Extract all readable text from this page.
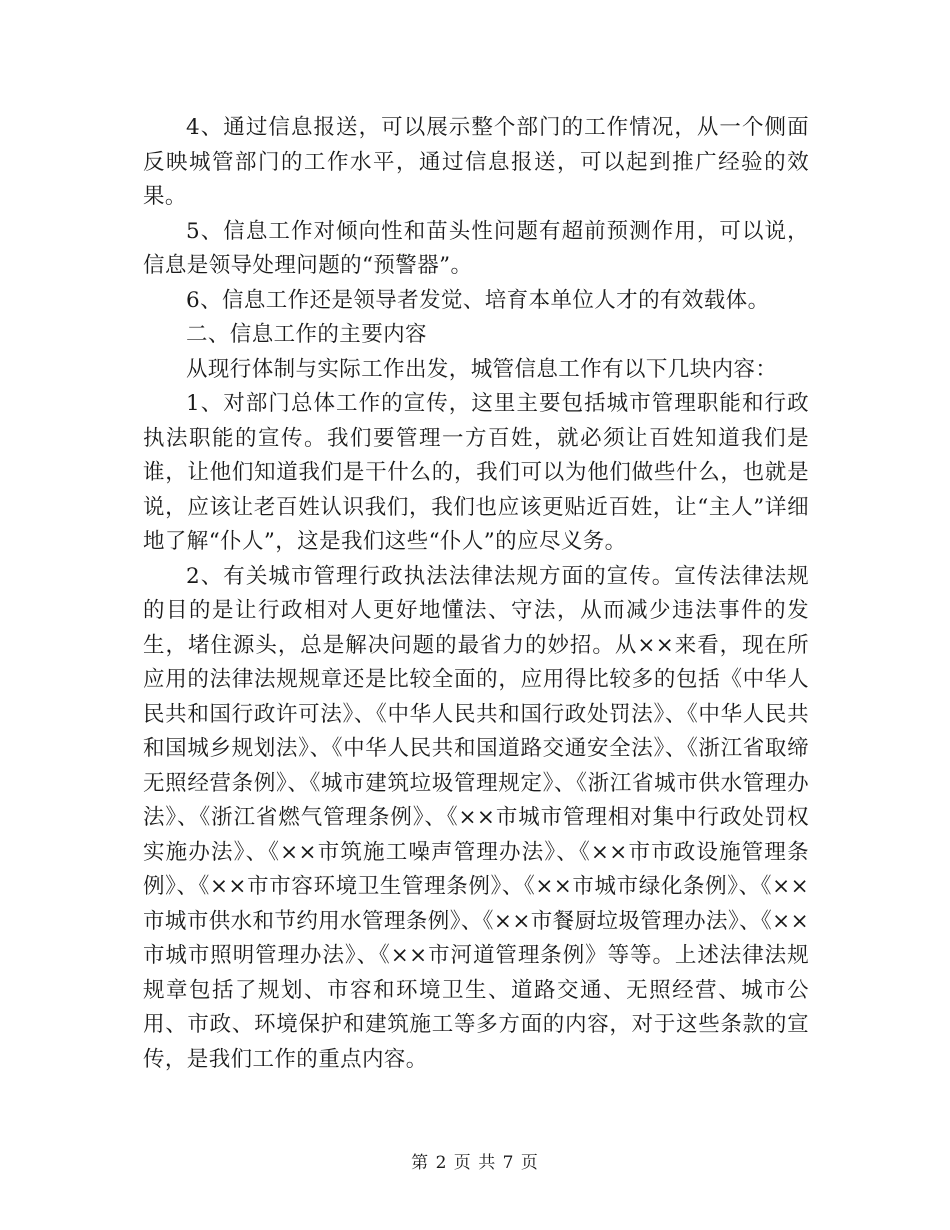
4、通过信息报送，可以展示整个部门的工作情况，从一个侧面反映城管部门的工作水平，通过信息报送，可以起到推广经验的效果。

5、信息工作对倾向性和苗头性问题有超前预测作用，可以说，信息是领导处理问题的“预警器”。

6、信息工作还是领导者发觉、培育本单位人才的有效载体。

二、信息工作的主要内容

从现行体制与实际工作出发，城管信息工作有以下几块内容：

1、对部门总体工作的宣传，这里主要包括城市管理职能和行政执法职能的宣传。我们要管理一方百姓，就必须让百姓知道我们是谁，让他们知道我们是干什么的，我们可以为他们做些什么，也就是说，应该让老百姓认识我们，我们也应该更贴近百姓，让“主人”详细地了解“仆人”，这是我们这些“仆人”的应尽义务。

2、有关城市管理行政执法法律法规方面的宣传。宣传法律法规的目的是让行政相对人更好地懂法、守法，从而减少违法事件的发生，堵住源头，总是解决问题的最省力的妙招。从××来看，现在所应用的法律法规规章还是比较全面的，应用得比较多的包括《中华人民共和国行政许可法》、《中华人民共和国行政处罚法》、《中华人民共和国城乡规划法》、《中华人民共和国道路交通安全法》、《浙江省取缔无照经营条例》、《城市建筑垃圾管理规定》、《浙江省城市供水管理办法》、《浙江省燃气管理条例》、《××市城市管理相对集中行政处罚权实施办法》、《××市筑施工噪声管理办法》、《××市市政设施管理条例》、《××市市容环境卫生管理条例》、《××市城市绿化条例》、《××市城市供水和节约用水管理条例》、《××市餐厨垃圾管理办法》、《××市城市照明管理办法》、《××市河道管理条例》等等。上述法律法规规章包括了规划、市容和环境卫生、道路交通、无照经营、城市公用、市政、环境保护和建筑施工等多方面的内容，对于这些条款的宣传，是我们工作的重点内容。

第 2 页 共 7 页
